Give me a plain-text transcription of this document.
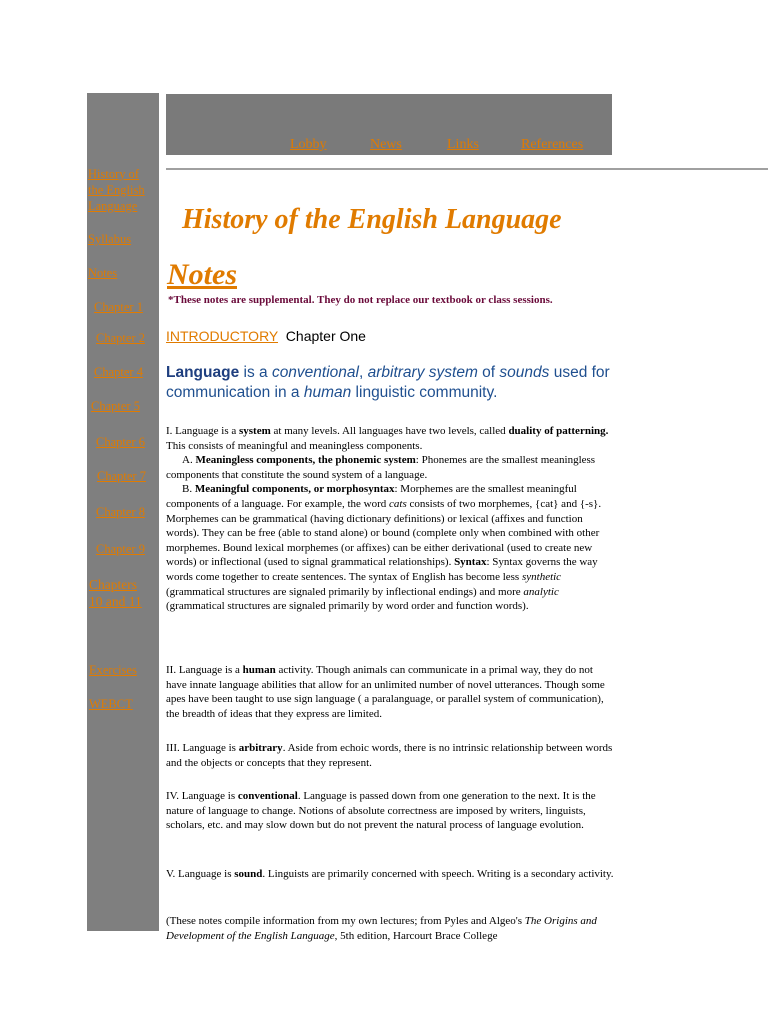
History of the English Language
Syllabus
Notes
Chapter 1
Chapter 2
Chapter 4
Chapter 5
Chapter 6
Chapter 7
Chapter 8
Chapter 9
Chapters 10 and 11
Exercises
WEBCT
Lobby	News	Links	References
History of the English Language
Notes
*These notes are supplemental. They do not replace our textbook or class sessions.
INTRODUCTORY  Chapter One
Language is a conventional, arbitrary system of sounds used for communication in a human linguistic community.

I. Language is a system at many levels. All languages have two levels, called duality of patterning. This consists of meaningful and meaningless components.

A. Meaningless components, the phonemic system: Phonemes are the smallest meaningless components that constitute the sound system of a language.

B. Meaningful components, or morphosyntax: Morphemes are the smallest meaningful components of a language. For example, the word cats consists of two morphemes, {cat} and {-s}. Morphemes can be grammatical (having dictionary definitions) or lexical (affixes and function words). They can be free (able to stand alone) or bound (complete only when combined with other morphemes. Bound lexical morphemes (or affixes) can be either derivational (used to create new words) or inflectional (used to signal grammatical relationships). Syntax: Syntax governs the way words come together to create sentences. The syntax of English has become less synthetic (grammatical structures are signaled primarily by inflectional endings) and more analytic (grammatical structures are signaled primarily by word order and function words).

II. Language is a human activity. Though animals can communicate in a primal way, they do not have innate language abilities that allow for an unlimited number of novel utterances. Though some apes have been taught to use sign language ( a paralanguage, or parallel system of communication), the breadth of ideas that they express are limited.

III. Language is arbitrary. Aside from echoic words, there is no intrinsic relationship between words and the objects or concepts that they represent.

IV. Language is conventional. Language is passed down from one generation to the next. It is the nature of language to change. Notions of absolute correctness are imposed by writers, linguists, scholars, etc. and may slow down but do not prevent the natural process of language evolution.

V. Language is sound. Linguists are primarily concerned with speech. Writing is a secondary activity.

(These notes compile information from my own lectures; from Pyles and Algeo's The Origins and Development of the English Language, 5th edition, Harcourt Brace College
